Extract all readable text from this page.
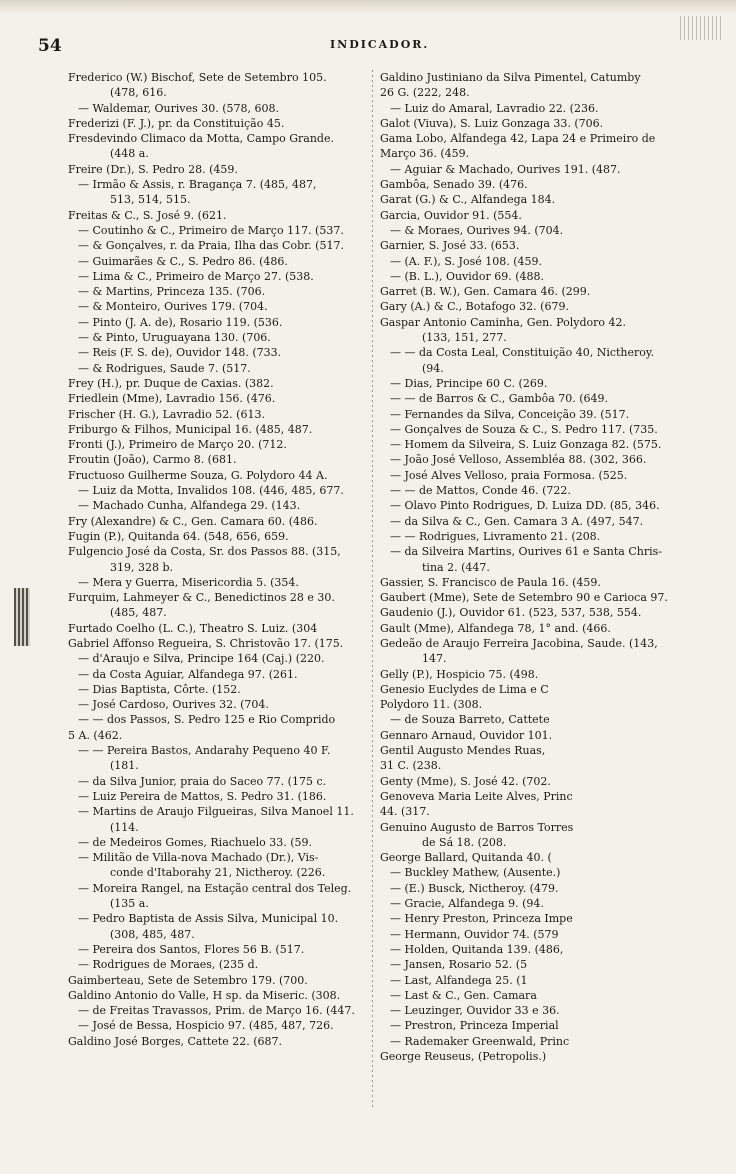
54	INDICADOR.
Frederico (W.) Bischof, Sete de Setembro 105.
(478, 616.
— Waldemar, Ourives 30. (578, 608.
Frederizi (F. J.), pr. da Constituição 45.
Fresdevindo Climaco da Motta, Campo Grande.
(448 a.
Freire (Dr.), S. Pedro 28. (459.
— Irmão & Assis, r. Bragança 7. (485, 487,
513, 514, 515.
Freitas & C., S. José 9. (621.
— Coutinho & C., Primeiro de Março 117. (537.
— & Gonçalves, r. da Praia, Ilha das Cobr. (517.
— Guimarães & C., S. Pedro 86. (486.
— Lima & C., Primeiro de Março 27. (538.
— & Martins, Princeza 135. (706.
— & Monteiro, Ourives 179. (704.
— Pinto (J. A. de), Rosario 119. (536.
— & Pinto, Uruguayana 130. (706.
— Reis (F. S. de), Ouvidor 148. (733.
— & Rodrigues, Saude 7. (517.
Frey (H.), pr. Duque de Caxias. (382.
Friedlein (Mme), Lavradio 156. (476.
Frischer (H. G.), Lavradio 52. (613.
Friburgo & Filhos, Municipal 16. (485, 487.
Fronti (J.), Primeiro de Março 20. (712.
Froutin (João), Carmo 8. (681.
Fructuoso Guilherme Souza, G. Polydoro 44 A.
— Luiz da Motta, Invalidos 108. (446, 485, 677.
— Machado Cunha, Alfandega 29. (143.
Fry (Alexandre) & C., Gen. Camara 60. (486.
Fugin (P.), Quitanda 64. (548, 656, 659.
Fulgencio José da Costa, Sr. dos Passos 88. (315,
319, 328 b.
— Mera y Guerra, Misericordia 5. (354.
Furquim, Lahmeyer & C., Benedictinos 28 e 30.
(485, 487.
Furtado Coelho (L. C.), Theatro S. Luiz. (304
Gabriel Affonso Regueira, S. Christovão 17. (175.
— d'Araujo e Silva, Principe 164 (Caj.) (220.
— da Costa Aguiar, Alfandega 97. (261.
— Dias Baptista, Côrte. (152.
— José Cardoso, Ourives 32. (704.
— — dos Passos, S. Pedro 125 e Rio Comprido
5 A. (462.
— — Pereira Bastos, Andarahy Pequeno 40 F.
(181.
— da Silva Junior, praia do Saceo 77. (175 c.
— Luiz Pereira de Mattos, S. Pedro 31. (186.
— Martins de Araujo Filgueiras, Silva Manoel 11.
(114.
— de Medeiros Gomes, Riachuelo 33. (59.
— Militão de Villa-nova Machado (Dr.), Vis-
conde d'Itaborahy 21, Nictheroy. (226.
— Moreira Rangel, na Estação central dos Teleg.
(135 a.
— Pedro Baptista de Assis Silva, Municipal 10.
(308, 485, 487.
— Pereira dos Santos, Flores 56 B. (517.
— Rodrigues de Moraes, (235 d.
Gaimberteau, Sete de Setembro 179. (700.
Galdino Antonio do Valle, H sp. da Miseric. (308.
— de Freitas Travassos, Prim. de Março 16. (447.
— José de Bessa, Hospicio 97. (485, 487, 726.
Galdino José Borges, Cattete 22. (687.
Galdino Justiniano da Silva Pimentel, Catumby
26 G. (222, 248.
— Luiz do Amaral, Lavradio 22. (236.
Galot (Viuva), S. Luiz Gonzaga 33. (706.
Gama Lobo, Alfandega 42, Lapa 24 e Primeiro de
Março 36. (459.
— Aguiar & Machado, Ourives 191. (487.
Gambôa, Senado 39. (476.
Garat (G.) & C., Alfandega 184.
Garcia, Ouvidor 91. (554.
— & Moraes, Ourives 94. (704.
Garnier, S. José 33. (653.
— (A. F.), S. José 108. (459.
— (B. L.), Ouvidor 69. (488.
Garret (B. W.), Gen. Camara 46. (299.
Gary (A.) & C., Botafogo 32. (679.
Gaspar Antonio Caminha, Gen. Polydoro 42.
(133, 151, 277.
— — da Costa Leal, Constituição 40, Nictheroy.
(94.
— Dias, Principe 60 C. (269.
— — de Barros & C., Gambôa 70. (649.
— Fernandes da Silva, Conceição 39. (517.
— Gonçalves de Souza & C., S. Pedro 117. (735.
— Homem da Silveira, S. Luiz Gonzaga 82. (575.
— João José Velloso, Assembléa 88. (302, 366.
— José Alves Velloso, praia Formosa. (525.
— — de Mattos, Conde 46. (722.
— Olavo Pinto Rodrigues, D. Luiza DD. (85, 346.
— da Silva & C., Gen. Camara 3 A. (497, 547.
— — Rodrigues, Livramento 21. (208.
— da Silveira Martins, Ourives 61 e Santa Chris-
tina 2. (447.
Gassier, S. Francisco de Paula 16. (459.
Gaubert (Mme), Sete de Setembro 90 e Carioca 97.
Gaudenio (J.), Ouvidor 61. (523, 537, 538, 554.
Gault (Mme), Alfandega 78, 1° and. (466.
Gedeão de Araujo Ferreira Jacobina, Saude. (143,
147.
Gelly (P.), Hospicio 75. (498.
Genesio Euclydes de Lima e C
Polydoro 11. (308.
— de Souza Barreto, Cattete
Gennaro Arnaud, Ouvidor 101.
Gentil Augusto Mendes Ruas,
31 C. (238.
Genty (Mme), S. José 42. (702.
Genoveva Maria Leite Alves, Princ
44. (317.
Genuino Augusto de Barros Torres
de Sá 18. (208.
George Ballard, Quitanda 40. (
— Buckley Mathew, (Ausente.)
— (E.) Busck, Nictheroy. (479.
— Gracie, Alfandega 9. (94.
— Henry Preston, Princeza Impe
— Hermann, Ouvidor 74. (579
— Holden, Quitanda 139. (486,
— Jansen, Rosario 52. (5
— Last, Alfandega 25. (1
— Last & C., Gen. Camara
— Leuzinger, Ouvidor 33 e 36.
— Prestron, Princeza Imperial
— Rademaker Greenwald, Princ
George Reuseus, (Petropolis.)
